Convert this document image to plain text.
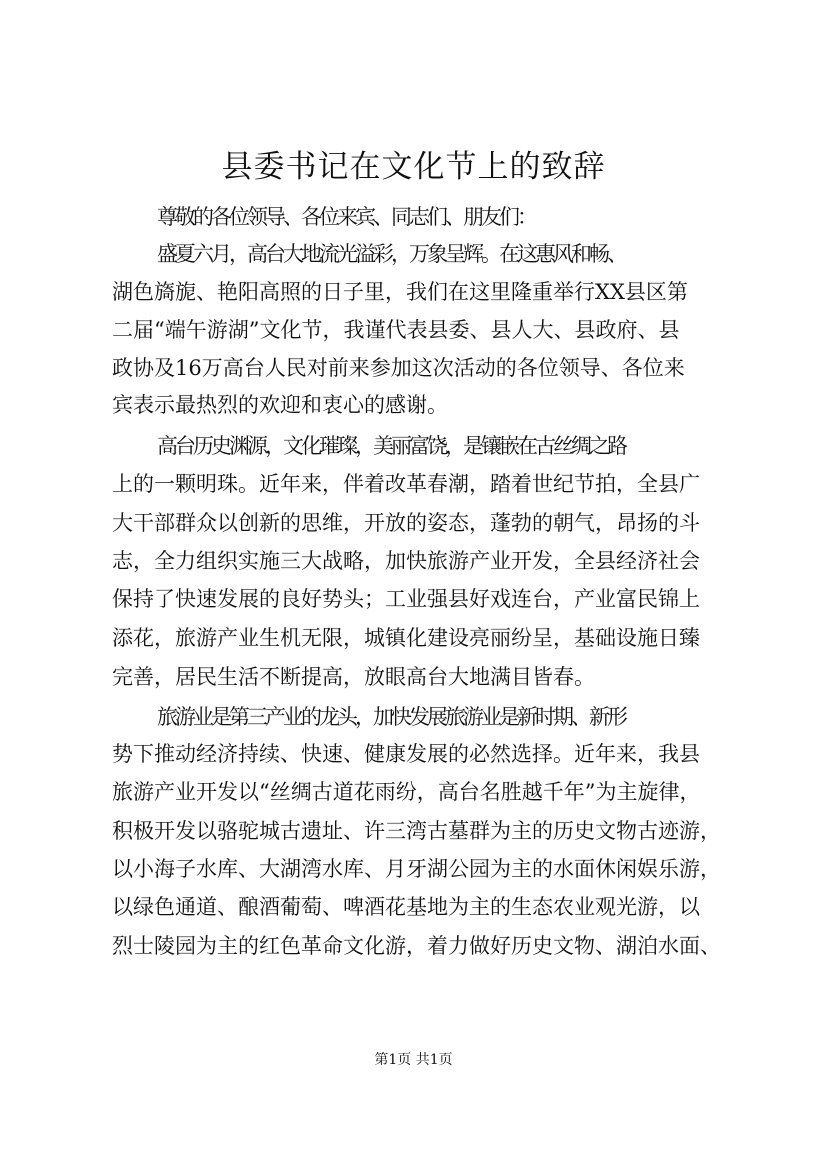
县委书记在文化节上的致辞

尊敬的各位领导、各位来宾、同志们、朋友们：

盛夏六月，高台大地流光溢彩，万象呈辉。在这惠风和畅、

湖色旖旎、艳阳高照的日子里，我们在这里隆重举行XX县区第

二届“端午游湖”文化节，我谨代表县委、县人大、县政府、县

政协及16万高台人民对前来参加这次活动的各位领导、各位来

宾表示最热烈的欢迎和衷心的感谢。

高台历史渊源，文化璀璨，美丽富饶，是镶嵌在古丝绸之路

上的一颗明珠。近年来，伴着改革春潮，踏着世纪节拍，全县广

大干部群众以创新的思维，开放的姿态，蓬勃的朝气，昂扬的斗

志，全力组织实施三大战略，加快旅游产业开发，全县经济社会

保持了快速发展的良好势头；工业强县好戏连台，产业富民锦上

添花，旅游产业生机无限，城镇化建设亮丽纷呈，基础设施日臻

完善，居民生活不断提高，放眼高台大地满目皆春。

旅游业是第三产业的龙头，加快发展旅游业是新时期、新形

势下推动经济持续、快速、健康发展的必然选择。近年来，我县

旅游产业开发以“丝绸古道花雨纷，高台名胜越千年”为主旋律，

积极开发以骆驼城古遗址、许三湾古墓群为主的历史文物古迹游，

以小海子水库、大湖湾水库、月牙湖公园为主的水面休闲娱乐游，

以绿色通道、酿酒葡萄、啤酒花基地为主的生态农业观光游，以

烈士陵园为主的红色革命文化游，着力做好历史文物、湖泊水面、

第1页 共1页
